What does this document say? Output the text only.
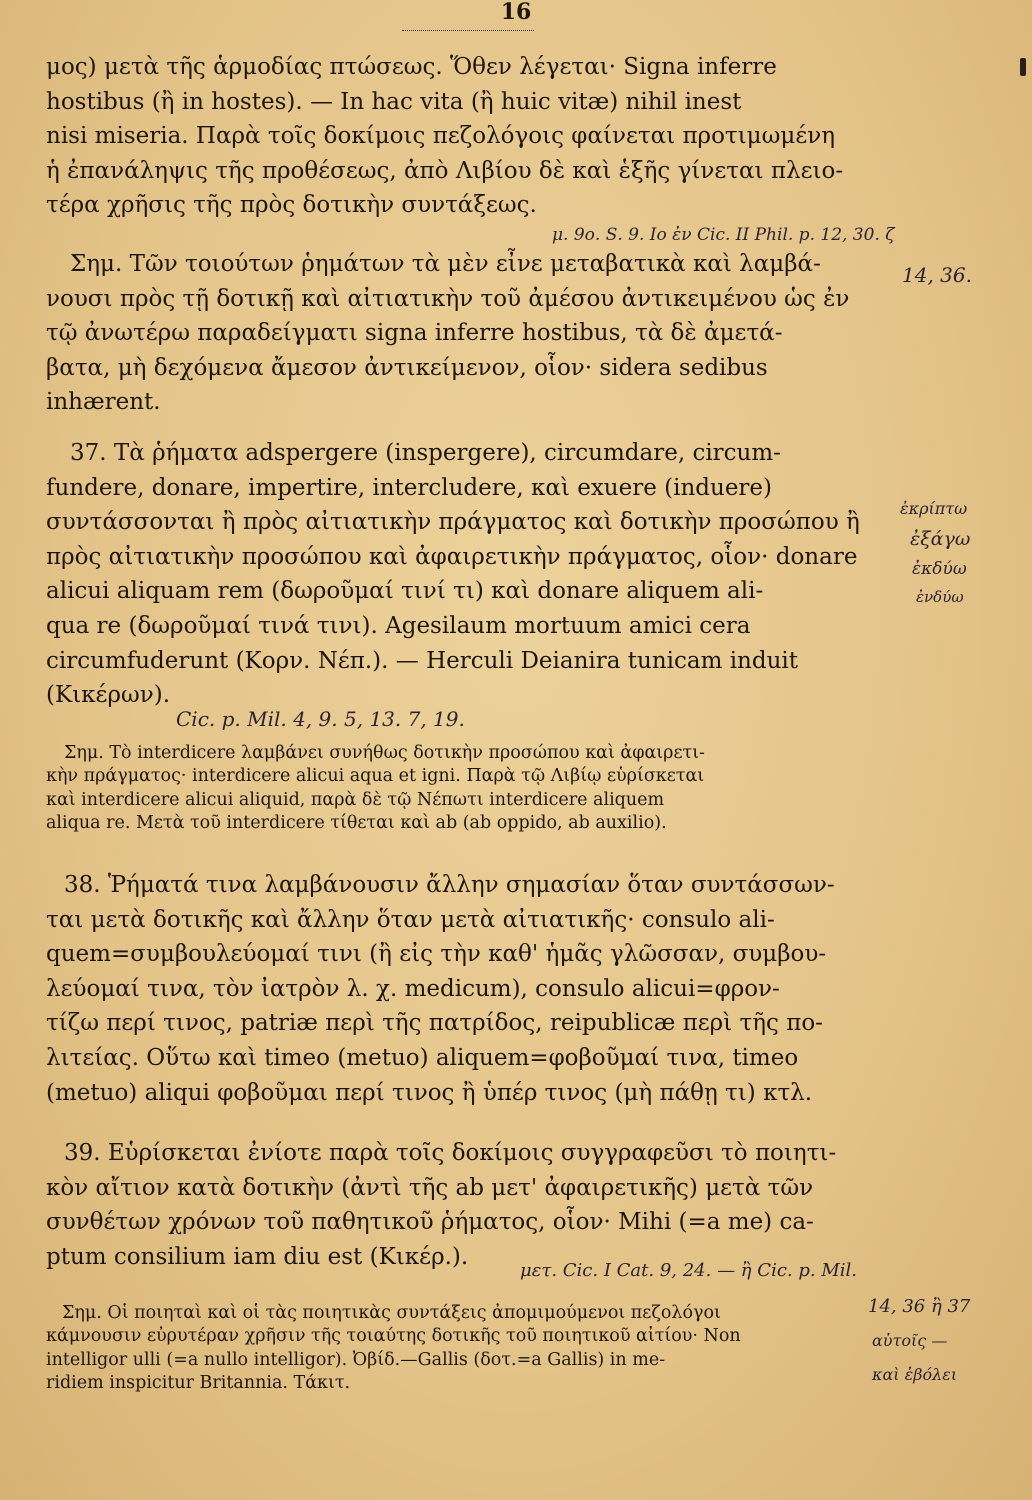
16
μος) μετὰ τῆς ἁρμοδίας πτώσεως. Ὅθεν λέγεται· Signa inferre
hostibus (ἢ in hostes). — In hac vita (ἢ huic vitæ) nihil inest
nisi miseria. Παρὰ τοῖς δοκίμοις πεζολόγοις φαίνεται προτιμωμένη
ἡ ἐπανάληψις τῆς προθέσεως, ἀπὸ Λιβίου δὲ καὶ ἑξῆς γίνεται πλειο-
τέρα χρῆσις τῆς πρὸς δοτικὴν συντάξεως.
Σημ. Τῶν τοιούτων ῥημάτων τὰ μὲν εἶνε μεταβατικὰ καὶ λαμβά-
νουσι πρὸς τῇ δοτικῇ καὶ αἰτιατικὴν τοῦ ἀμέσου ἀντικειμένου ὡς ἐν
τῷ ἀνωτέρω παραδείγματι signa inferre hostibus, τὰ δὲ ἀμετά-
βατα, μὴ δεχόμενα ἄμεσον ἀντικείμενον, οἷον· sidera sedibus
inhærent.
37. Τὰ ῥήματα adspergere (inspergere), circumdare, circum-
fundere, donare, impertire, intercludere, καὶ exuere (induere)
συντάσσονται ἢ πρὸς αἰτιατικὴν πράγματος καὶ δοτικὴν προσώπου ἢ
πρὸς αἰτιατικὴν προσώπου καὶ ἀφαιρετικὴν πράγματος, οἷον· donare
alicui aliquam rem (δωροῦμαί τινί τι) καὶ donare aliquem ali-
qua re (δωροῦμαί τινά τινι). Agesilaum mortuum amici cera
circumfuderunt (Κορν. Νέπ.). — Herculi Deianira tunicam induit
(Κικέρων).
Σημ. Τὸ interdicere λαμβάνει συνήθως δοτικὴν προσώπου καὶ ἀφαιρετι-
κὴν πράγματος· interdicere alicui aqua et igni. Παρὰ τῷ Λιβίῳ εὑρίσκεται
καὶ interdicere alicui aliquid, παρὰ δὲ τῷ Νέπωτι interdicere aliquem
aliqua re. Μετὰ τοῦ interdicere τίθεται καὶ ab (ab oppido, ab auxilio).
38. Ῥήματά τινα λαμβάνουσιν ἄλλην σημασίαν ὅταν συντάσσων-
ται μετὰ δοτικῆς καὶ ἄλλην ὅταν μετὰ αἰτιατικῆς· consulo ali-
quem=συμβουλεύομαί τινι (ἢ εἰς τὴν καθ' ἡμᾶς γλῶσσαν, συμβου-
λεύομαί τινα, τὸν ἰατρὸν λ. χ. medicum), consulo alicui=φρον-
τίζω περί τινος, patriæ περὶ τῆς πατρίδος, reipublicæ περὶ τῆς πο-
λιτείας. Οὕτω καὶ timeo (metuo) aliquem=φοβοῦμαί τινα, timeo
(metuo) aliqui φοβοῦμαι περί τινος ἢ ὑπέρ τινος (μὴ πάθῃ τι) κτλ.
39. Εὑρίσκεται ἐνίοτε παρὰ τοῖς δοκίμοις συγγραφεῦσι τὸ ποιητι-
κὸν αἴτιον κατὰ δοτικὴν (ἀντὶ τῆς ab μετ' ἀφαιρετικῆς) μετὰ τῶν
συνθέτων χρόνων τοῦ παθητικοῦ ῥήματος, οἷον· Mihi (=a me) ca-
ptum consilium iam diu est (Κικέρ.).
Σημ. Οἱ ποιηταὶ καὶ οἱ τὰς ποιητικὰς συντάξεις ἀπομιμούμενοι πεζολόγοι
κάμνουσιν εὐρυτέραν χρῆσιν τῆς τοιαύτης δοτικῆς τοῦ ποιητικοῦ αἰτίου· Non
intelligor ulli (=a nullo intelligor). Ὀβίδ.—Gallis (δοτ.=a Gallis) in me-
ridiem inspicitur Britannia. Τάκιτ.
μ. 9ο. Ѕ. 9. Ιο ἐν Cic. II Phil. p. 12, 30. ζ
14, 36.
ἐκρίπτω
ἐξάγω
ἐκδύω
ἐνδύω
Cic. p. Mil. 4, 9. 5, 13. 7, 19.
μετ. Cic. I Cat. 9, 24. — ἢ Cic. p. Mil.
14, 36 ἢ 37
αὐτοῖς —
καὶ ἐβόλει
